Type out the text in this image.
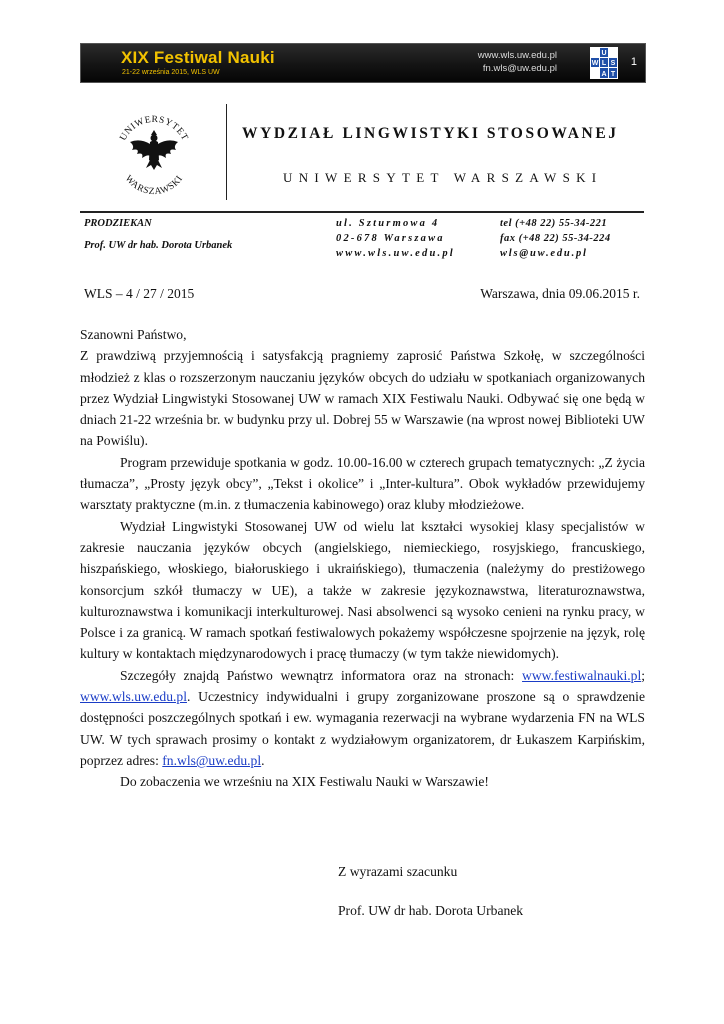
XIX Festiwal Nauki
21-22 września 2015, WLS UW
www.wls.uw.edu.pl
fn.wls@uw.edu.pl	W L S
U
A T
1
UNIWERSYTET
WARSZAWSKI
WYDZIAŁ LINGWISTYKI STOSOWANEJ
UNIWERSYTET WARSZAWSKI
PRODZIEKAN
Prof. UW dr hab. Dorota Urbanek
ul. Szturmowa 4
02-678 Warszawa
www.wls.uw.edu.pl
tel (+48 22) 55-34-221
fax (+48 22) 55-34-224
wls@uw.edu.pl
WLS – 4 / 27 / 2015	Warszawa, dnia 09.06.2015 r.

Szanowni Państwo,

Z prawdziwą przyjemnością i satysfakcją pragniemy zaprosić Państwa Szkołę, w szczególności młodzież z klas o rozszerzonym nauczaniu języków obcych do udziału w spotkaniach organizowanych przez Wydział Lingwistyki Stosowanej UW w ramach XIX Festiwalu Nauki. Odbywać się one będą w dniach 21-22 września br. w budynku przy ul. Dobrej 55 w Warszawie (na wprost nowej Biblioteki UW na Powiślu).

Program przewiduje spotkania w godz. 10.00-16.00 w czterech grupach tematycznych: „Z życia tłumacza”, „Prosty język obcy”, „Tekst i okolice” i „Inter-kultura”. Obok wykładów przewidujemy warsztaty praktyczne (m.in. z tłumaczenia kabinowego) oraz kluby młodzieżowe.

Wydział Lingwistyki Stosowanej UW od wielu lat kształci wysokiej klasy specjalistów w zakresie nauczania języków obcych (angielskiego, niemieckiego, rosyjskiego, francuskiego, hiszpańskiego, włoskiego, białoruskiego i ukraińskiego), tłumaczenia (należymy do prestiżowego konsorcjum szkół tłumaczy w UE), a także w zakresie językoznawstwa, literaturoznawstwa, kulturoznawstwa i komunikacji interkulturowej. Nasi absolwenci są wysoko cenieni na rynku pracy, w Polsce i za granicą. W ramach spotkań festiwalowych pokażemy współczesne spojrzenie na język, rolę kultury w kontaktach międzynarodowych i pracę tłumaczy (w tym także niewidomych).

Szczegóły znajdą Państwo wewnątrz informatora oraz na stronach: www.festiwalnauki.pl; www.wls.uw.edu.pl. Uczestnicy indywidualni i grupy zorganizowane proszone są o sprawdzenie dostępności poszczególnych spotkań i ew. wymagania rezerwacji na wybrane wydarzenia FN na WLS UW. W tych sprawach prosimy o kontakt z wydziałowym organizatorem, dr Łukaszem Karpińskim, poprzez adres: fn.wls@uw.edu.pl.

Do zobaczenia we wrześniu na XIX Festiwalu Nauki w Warszawie!

Z wyrazami szacunku
Prof. UW dr hab. Dorota Urbanek
